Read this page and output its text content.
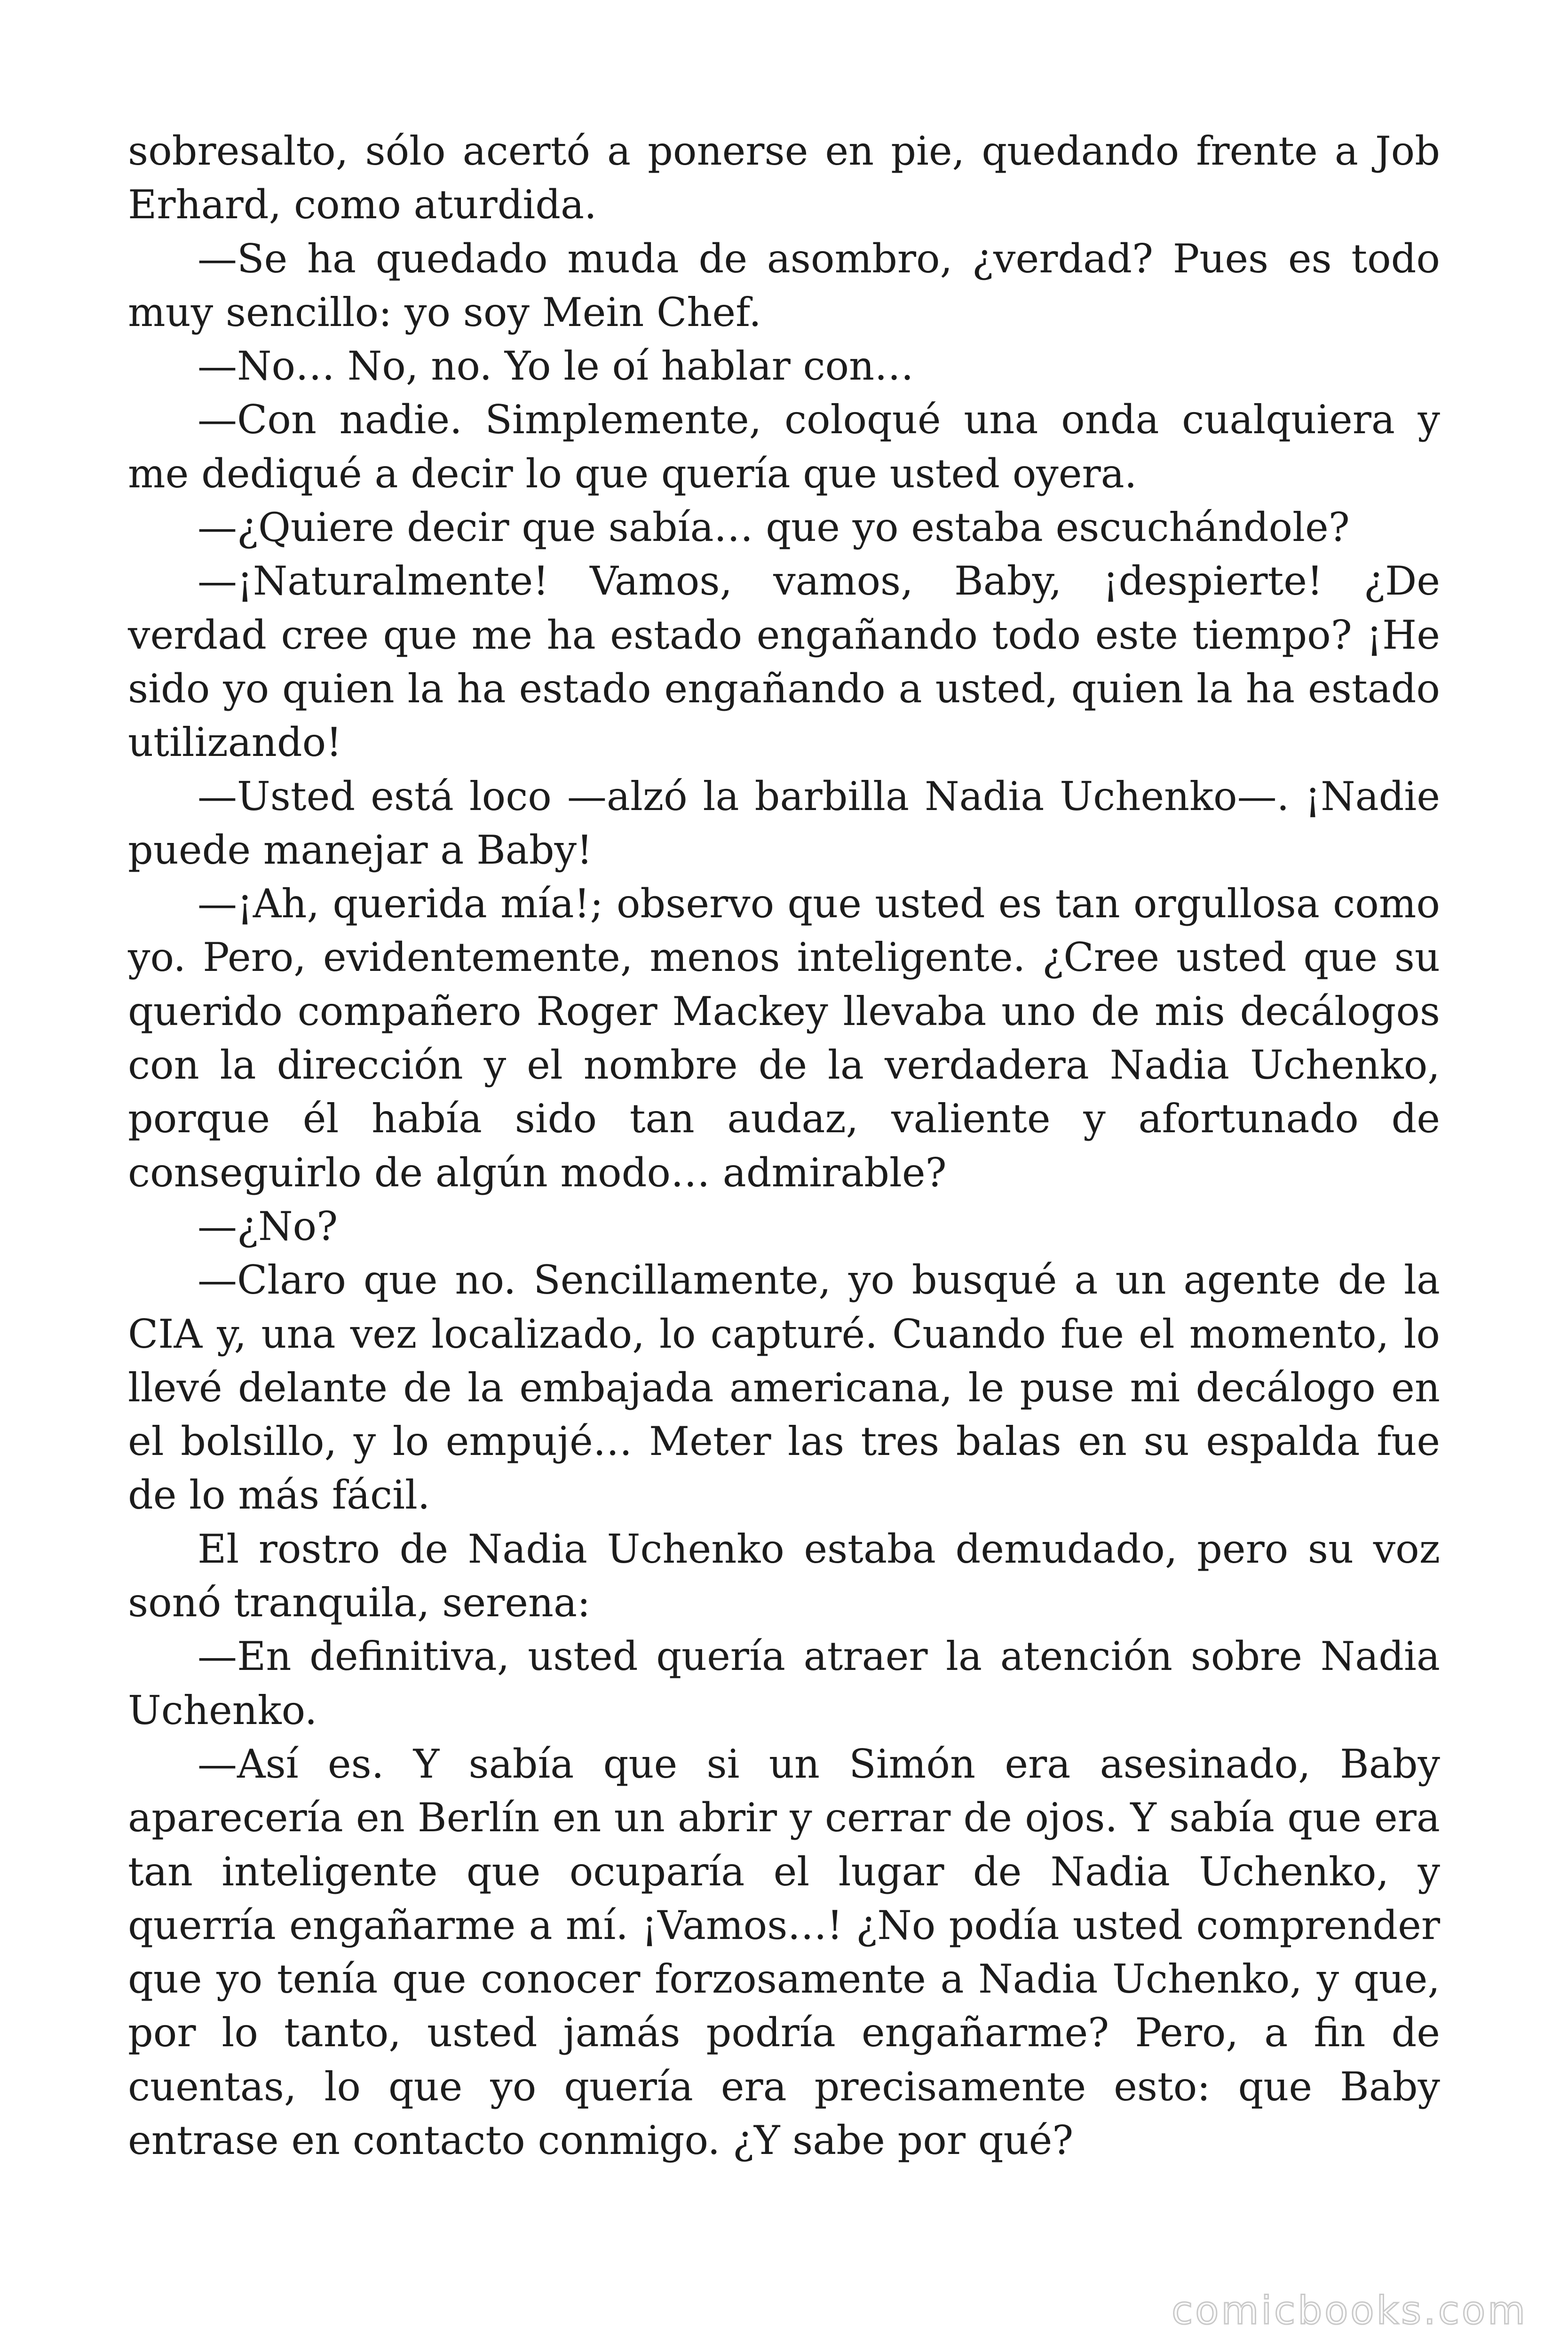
sobresalto, sólo acertó a ponerse en pie, quedando frente a Job Erhard, como aturdida.

—Se ha quedado muda de asombro, ¿verdad? Pues es todo muy sencillo: yo soy Mein Chef.

—No… No, no. Yo le oí hablar con…

—Con nadie. Simplemente, coloqué una onda cualquiera y me dediqué a decir lo que quería que usted oyera.

—¿Quiere decir que sabía… que yo estaba escuchándole?

—¡Naturalmente! Vamos, vamos, Baby, ¡despierte! ¿De verdad cree que me ha estado engañando todo este tiempo? ¡He sido yo quien la ha estado engañando a usted, quien la ha estado utilizando!

—Usted está loco —alzó la barbilla Nadia Uchenko—. ¡Nadie puede manejar a Baby!

—¡Ah, querida mía!; observo que usted es tan orgullosa como yo. Pero, evidentemente, menos inteligente. ¿Cree usted que su querido compañero Roger Mackey llevaba uno de mis decálogos con la dirección y el nombre de la verdadera Nadia Uchenko, porque él había sido tan audaz, valiente y afortunado de conseguirlo de algún modo… admirable?

—¿No?

—Claro que no. Sencillamente, yo busqué a un agente de la CIA y, una vez localizado, lo capturé. Cuando fue el momento, lo llevé delante de la embajada americana, le puse mi decálogo en el bolsillo, y lo empujé… Meter las tres balas en su espalda fue de lo más fácil.

El rostro de Nadia Uchenko estaba demudado, pero su voz sonó tranquila, serena:

—En definitiva, usted quería atraer la atención sobre Nadia Uchenko.

—Así es. Y sabía que si un Simón era asesinado, Baby aparecería en Berlín en un abrir y cerrar de ojos. Y sabía que era tan inteligente que ocuparía el lugar de Nadia Uchenko, y querría engañarme a mí. ¡Vamos…! ¿No podía usted comprender que yo tenía que conocer forzosamente a Nadia Uchenko, y que, por lo tanto, usted jamás podría engañarme? Pero, a fin de cuentas, lo que yo quería era precisamente esto: que Baby entrase en contacto conmigo. ¿Y sabe por qué?

comicbooks.com
